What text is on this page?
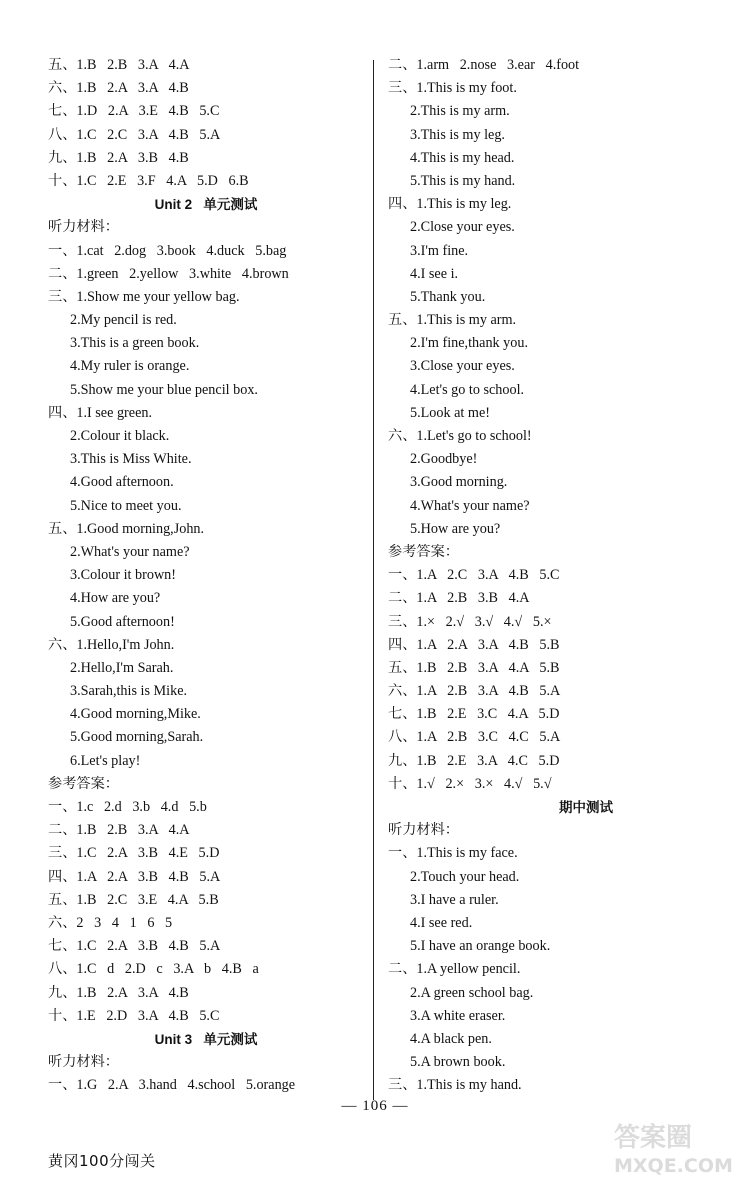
五、1.B   2.B   3.A   4.A
六、1.B   2.A   3.A   4.B
七、1.D   2.A   3.E   4.B   5.C
八、1.C   2.C   3.A   4.B   5.A
九、1.B   2.A   3.B   4.B
十、1.C   2.E   3.F   4.A   5.D   6.B
Unit 2   单元测试
听力材料：
一、1.cat   2.dog   3.book   4.duck   5.bag
二、1.green   2.yellow   3.white   4.brown
三、1.Show me your yellow bag.
2.My pencil is red.
3.This is a green book.
4.My ruler is orange.
5.Show me your blue pencil box.
四、1.I see green.
2.Colour it black.
3.This is Miss White.
4.Good afternoon.
5.Nice to meet you.
五、1.Good morning,John.
2.What's your name?
3.Colour it brown!
4.How are you?
5.Good afternoon!
六、1.Hello,I'm John.
2.Hello,I'm Sarah.
3.Sarah,this is Mike.
4.Good morning,Mike.
5.Good morning,Sarah.
6.Let's play!
参考答案：
一、1.c   2.d   3.b   4.d   5.b
二、1.B   2.B   3.A   4.A
三、1.C   2.A   3.B   4.E   5.D
四、1.A   2.A   3.B   4.B   5.A
五、1.B   2.C   3.E   4.A   5.B
六、2   3   4   1   6   5
七、1.C   2.A   3.B   4.B   5.A
八、1.C   d   2.D   c   3.A   b   4.B   a
九、1.B   2.A   3.A   4.B
十、1.E   2.D   3.A   4.B   5.C
Unit 3   单元测试
听力材料：
一、1.G   2.A   3.hand   4.school   5.orange
二、1.arm   2.nose   3.ear   4.foot
三、1.This is my foot.
2.This is my arm.
3.This is my leg.
4.This is my head.
5.This is my hand.
四、1.This is my leg.
2.Close your eyes.
3.I'm fine.
4.I see i.
5.Thank you.
五、1.This is my arm.
2.I'm fine,thank you.
3.Close your eyes.
4.Let's go to school.
5.Look at me!
六、1.Let's go to school!
2.Goodbye!
3.Good morning.
4.What's your name?
5.How are you?
参考答案：
一、1.A   2.C   3.A   4.B   5.C
二、1.A   2.B   3.B   4.A
三、1.×   2.√   3.√   4.√   5.×
四、1.A   2.A   3.A   4.B   5.B
五、1.B   2.B   3.A   4.A   5.B
六、1.A   2.B   3.A   4.B   5.A
七、1.B   2.E   3.C   4.A   5.D
八、1.A   2.B   3.C   4.C   5.A
九、1.B   2.E   3.A   4.C   5.D
十、1.√   2.×   3.×   4.√   5.√
期中测试
听力材料：
一、1.This is my face.
2.Touch your head.
3.I have a ruler.
4.I see red.
5.I have an orange book.
二、1.A yellow pencil.
2.A green school bag.
3.A white eraser.
4.A black pen.
5.A brown book.
三、1.This is my hand.
— 106 —
黄冈100分闯关
答案圈
MXQE.COM
